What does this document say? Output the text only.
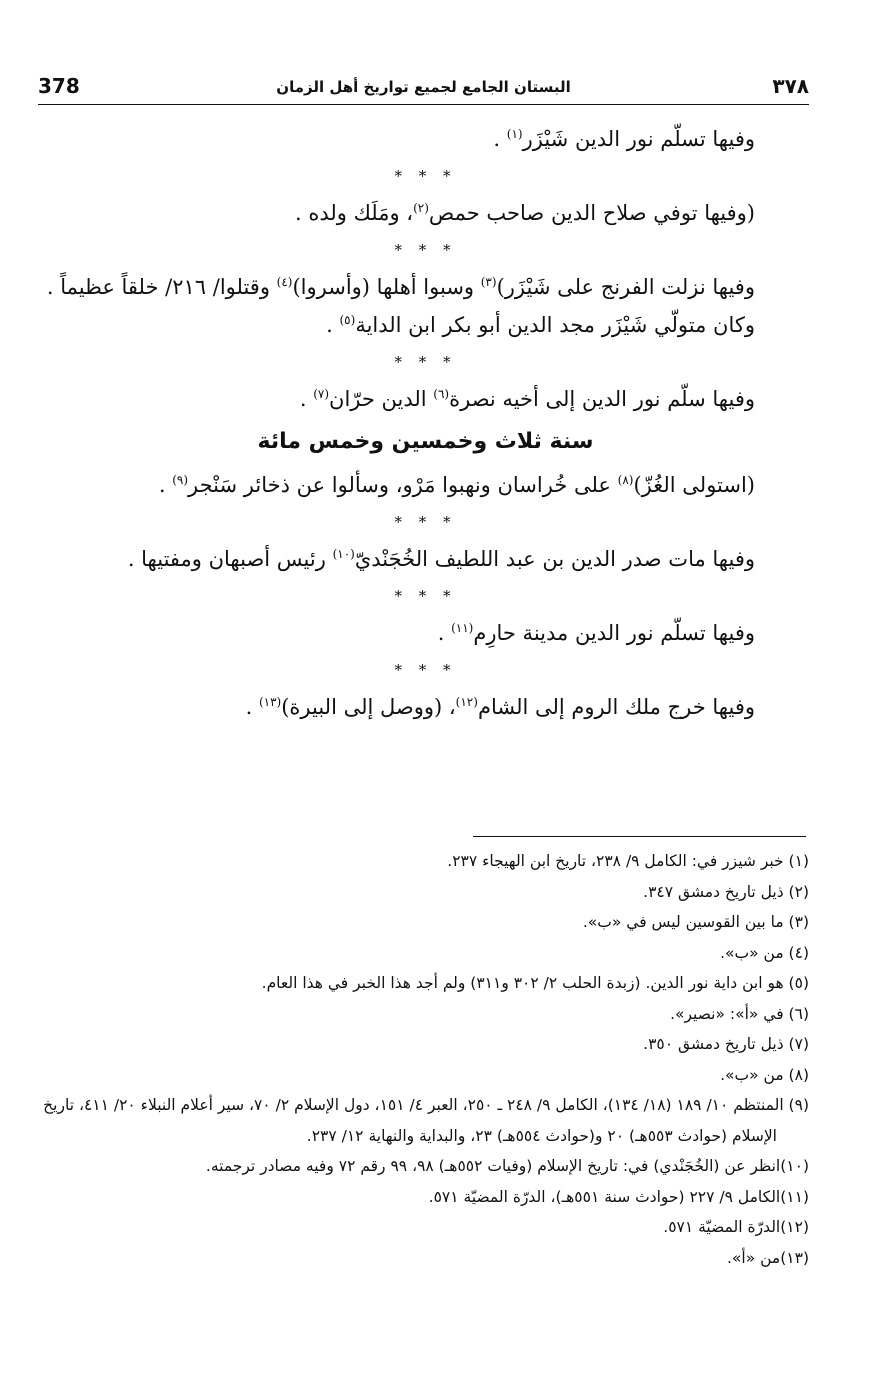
378	البستان الجامع لجميع تواريخ أهل الزمان	٣٧٨

وفيها تسلّم نور الدين شَيْزَر$^{(١)}$ .

* * *

(وفيها توفي صلاح الدين صاحب حمص$^{(٢)}$، ومَلَك ولده .

* * *

وفيها نزلت الفرنج على شَيْزَر)$^{(٣)}$ وسبوا أهلها (وأسروا)$^{(٤)}$ وقتلوا/ ٢١٦/ خلقاً عظيماً .

وكان متولّي شَيْزَر مجد الدين أبو بكر ابن الداية$^{(٥)}$ .

* * *

وفيها سلّم نور الدين إلى أخيه نصرة$^{(٦)}$ الدين حرّان$^{(٧)}$ .

سنة ثلاث وخمسين وخمس مائة

(استولى الغُزّ)$^{(٨)}$ على خُراسان ونهبوا مَرْو، وسألوا عن ذخائر سَنْجر$^{(٩)}$ .

* * *

وفيها مات صدر الدين بن عبد اللطيف الخُجَنْديّ$^{(١٠)}$ رئيس أصبهان ومفتيها .

* * *

وفيها تسلّم نور الدين مدينة حارِم$^{(١١)}$ .

* * *

وفيها خرج ملك الروم إلى الشام$^{(١٢)}$، (ووصل إلى البيرة)$^{(١٣)}$ .

(١) خبر شيزر في: الكامل ٩/ ٢٣٨، تاريخ ابن الهيجاء ٢٣٧.

(٢) ذيل تاريخ دمشق ٣٤٧.

(٣) ما بين القوسين ليس في «ب».

(٤) من «ب».

(٥) هو ابن داية نور الدين. (زبدة الحلب ٢/ ٣٠٢ و٣١١) ولم أجد هذا الخبر في هذا العام.

(٦) في «أ»: «نصير».

(٧) ذيل تاريخ دمشق ٣٥٠.

(٨) من «ب».

(٩) المنتظم ١٠/ ١٨٩ (١٨/ ١٣٤)، الكامل ٩/ ٢٤٨ ـ ٢٥٠، العبر ٤/ ١٥١، دول الإسلام ٢/ ٧٠، سير أعلام النبلاء ٢٠/ ٤١١، تاريخ الإسلام (حوادث ٥٥٣هـ) ٢٠ و(حوادث ٥٥٤هـ) ٢٣، والبداية والنهاية ١٢/ ٢٣٧.

(١٠)انظر عن (الخُجَنْدي) في: تاريخ الإسلام (وفيات ٥٥٢هـ) ٩٨، ٩٩ رقم ٧٢ وفيه مصادر ترجمته.

(١١)الكامل ٩/ ٢٢٧ (حوادث سنة ٥٥١هـ)، الدرّة المضيّة ٥٧١.

(١٢)الدرّة المضيّة ٥٧١.

(١٣)من «أ».
